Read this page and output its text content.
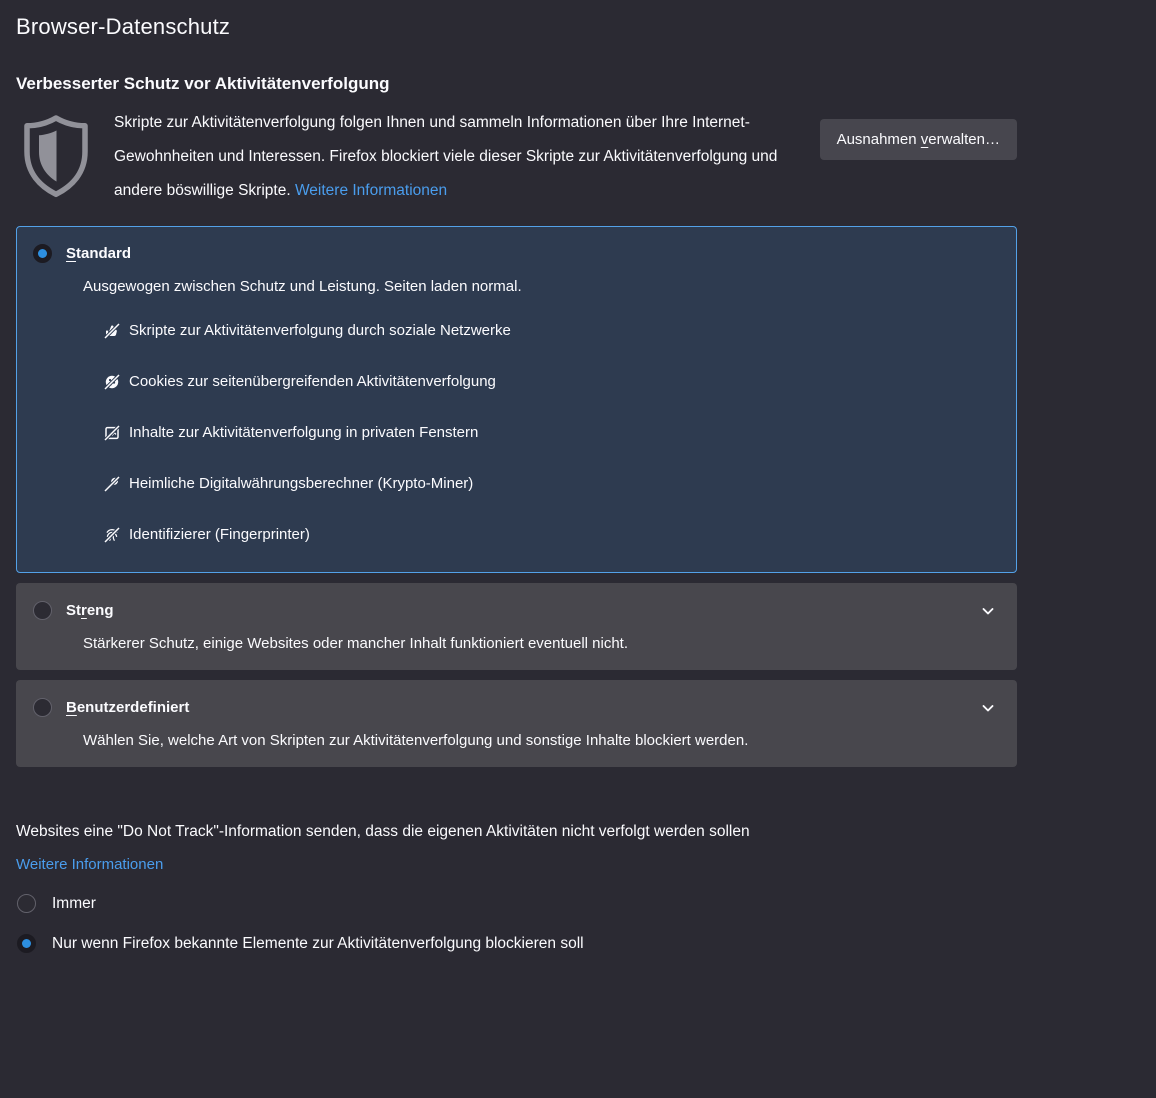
Browser-Datenschutz
Verbesserter Schutz vor Aktivitätenverfolgung

Skripte zur Aktivitätenverfolgung folgen Ihnen und sammeln Informationen über Ihre Internet-Gewohnheiten und Interessen. Firefox blockiert viele dieser Skripte zur Aktivitätenverfolgung und andere böswillige Skripte. Weitere Informationen

Ausnahmen verwalten…
Standard
Ausgewogen zwischen Schutz und Leistung. Seiten laden normal.
Skripte zur Aktivitätenverfolgung durch soziale Netzwerke
Cookies zur seitenübergreifenden Aktivitätenverfolgung
Inhalte zur Aktivitätenverfolgung in privaten Fenstern
Heimliche Digitalwährungsberechner (Krypto-Miner)
Identifizierer (Fingerprinter)
Streng
Stärkerer Schutz, einige Websites oder mancher Inhalt funktioniert eventuell nicht.
Benutzerdefiniert
Wählen Sie, welche Art von Skripten zur Aktivitätenverfolgung und sonstige Inhalte blockiert werden.

Websites eine "Do Not Track"-Information senden, dass die eigenen Aktivitäten nicht verfolgt werden sollen

Weitere Informationen
Immer
Nur wenn Firefox bekannte Elemente zur Aktivitätenverfolgung blockieren soll
